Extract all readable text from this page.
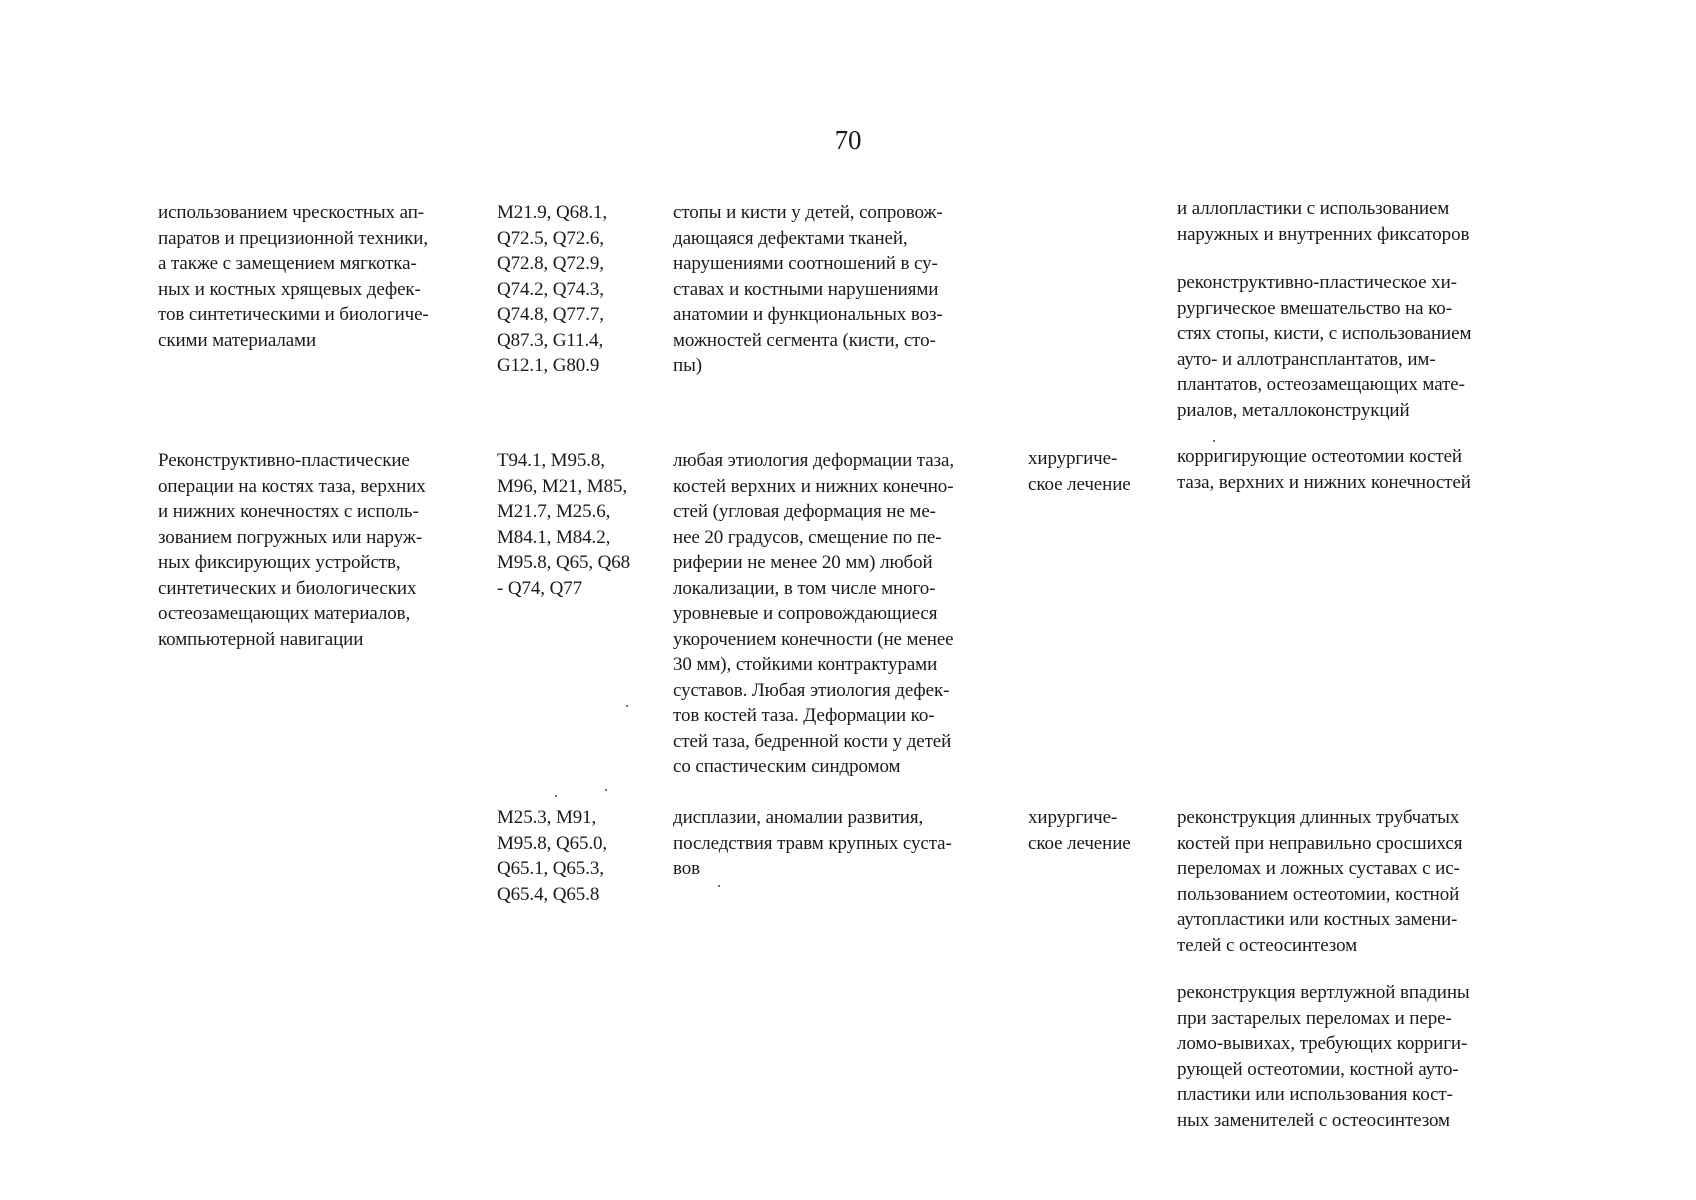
70
использованием чрескостных ап-
паратов и прецизионной техники,
а также с замещением мягкотка-
ных и костных хрящевых дефек-
тов синтетическими и биологиче-
скими материалами
M21.9, Q68.1,
Q72.5, Q72.6,
Q72.8, Q72.9,
Q74.2, Q74.3,
Q74.8, Q77.7,
Q87.3, G11.4,
G12.1, G80.9
стопы и кисти у детей, сопровож-
дающаяся дефектами тканей,
нарушениями соотношений в су-
ставах и костными нарушениями
анатомии и функциональных воз-
можностей сегмента (кисти, сто-
пы)
и аллопластики с использованием
наружных и внутренних фиксаторов
реконструктивно-пластическое хи-
рургическое вмешательство на ко-
стях стопы, кисти, с использованием
ауто- и аллотрансплантатов, им-
плантатов, остеозамещающих мате-
риалов, металлоконструкций
Реконструктивно-пластические
операции на костях таза, верхних
и нижних конечностях с исполь-
зованием погружных или наруж-
ных фиксирующих устройств,
синтетических и биологических
остеозамещающих материалов,
компьютерной навигации
T94.1, M95.8,
M96, M21, M85,
M21.7, M25.6,
M84.1, M84.2,
M95.8, Q65, Q68
- Q74, Q77
любая этиология деформации таза,
костей верхних и нижних конечно-
стей (угловая деформация не ме-
нее 20 градусов, смещение по пе-
риферии не менее 20 мм) любой
локализации, в том числе много-
уровневые и сопровождающиеся
укорочением конечности (не менее
30 мм), стойкими контрактурами
суставов. Любая этиология дефек-
тов костей таза. Деформации ко-
стей таза, бедренной кости у детей
со спастическим синдромом
хирургиче-
ское лечение
корригирующие остеотомии костей
таза, верхних и нижних конечностей
M25.3, M91,
M95.8, Q65.0,
Q65.1, Q65.3,
Q65.4, Q65.8
дисплазии, аномалии развития,
последствия травм крупных суста-
вов
хирургиче-
ское лечение
реконструкция длинных трубчатых
костей при неправильно сросшихся
переломах и ложных суставах с ис-
пользованием остеотомии, костной
аутопластики или костных замени-
телей с остеосинтезом
реконструкция вертлужной впадины
при застарелых переломах и пере-
ломо-вывихах, требующих корриги-
рующей остеотомии, костной ауто-
пластики или использования кост-
ных заменителей с остеосинтезом
